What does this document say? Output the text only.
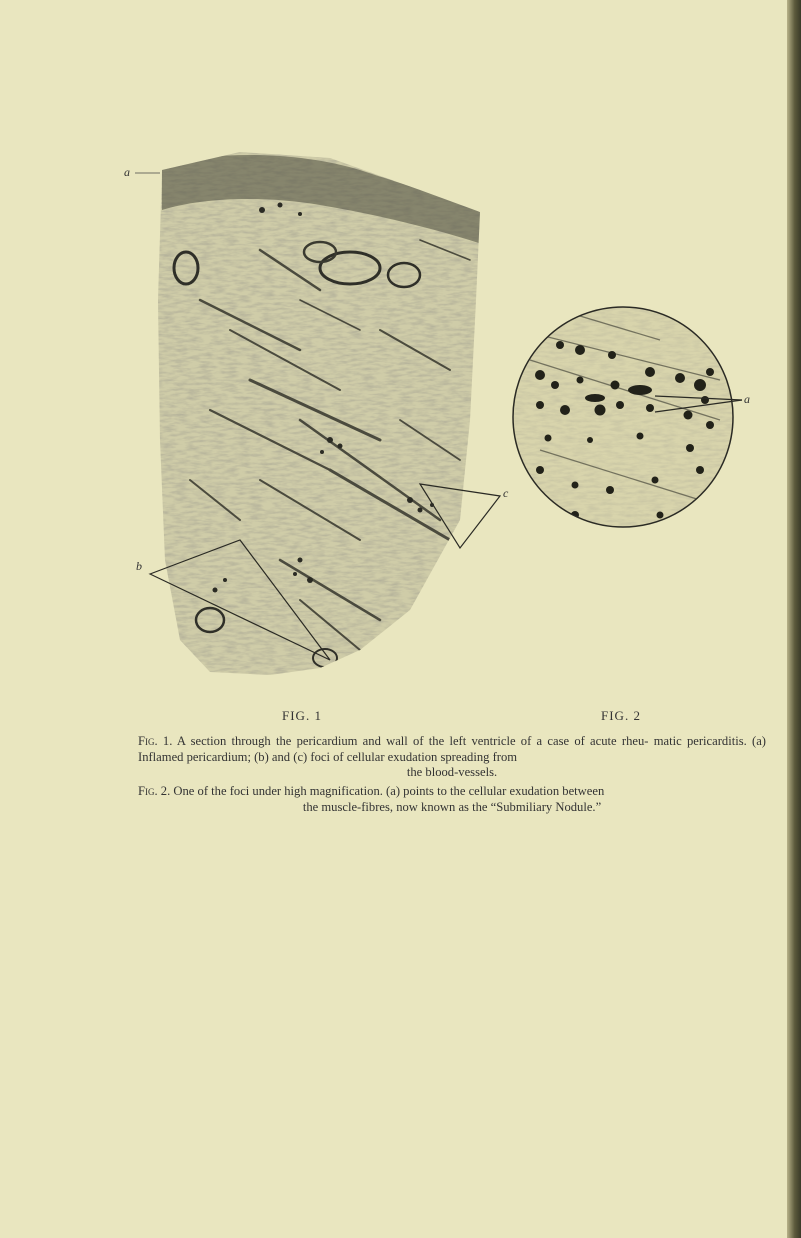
a
b
c
a
FIG. 1	FIG. 2
Fig. 1. A section through the pericardium and wall of the left ventricle of a case of acute rheu- matic pericarditis. (a) Inflamed pericardium; (b) and (c) foci of cellular exudation spreading from
the blood-vessels.
Fig. 2. One of the foci under high magnification. (a) points to the cellular exudation between
the muscle-fibres, now known as the “Submiliary Nodule.”
